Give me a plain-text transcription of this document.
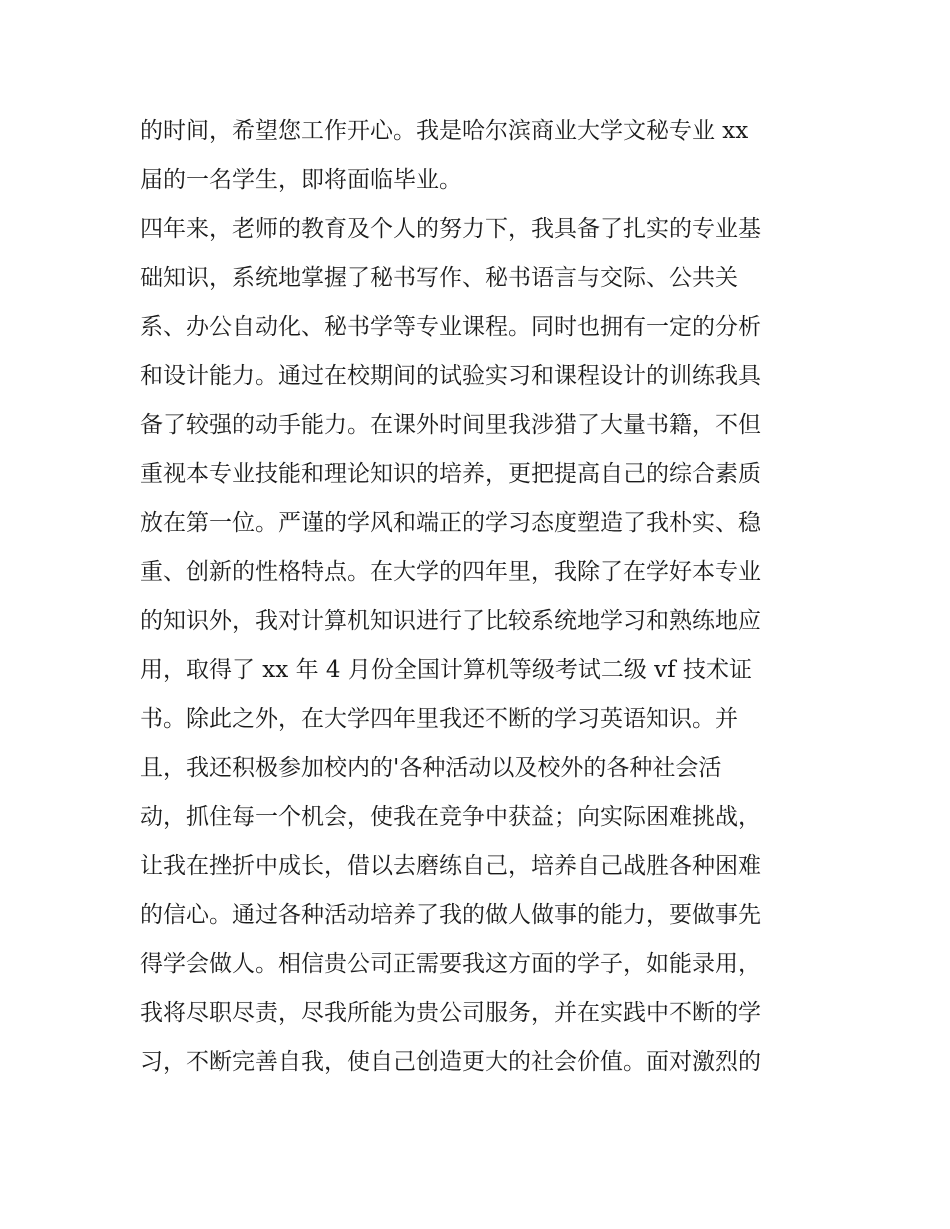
的时间，希望您工作开心。我是哈尔滨商业大学文秘专业 xx
届的一名学生，即将面临毕业。
四年来，老师的教育及个人的努力下，我具备了扎实的专业基
础知识，系统地掌握了秘书写作、秘书语言与交际、公共关
系、办公自动化、秘书学等专业课程。同时也拥有一定的分析
和设计能力。通过在校期间的试验实习和课程设计的训练我具
备了较强的动手能力。在课外时间里我涉猎了大量书籍，不但
重视本专业技能和理论知识的培养，更把提高自己的综合素质
放在第一位。严谨的学风和端正的学习态度塑造了我朴实、稳
重、创新的性格特点。在大学的四年里，我除了在学好本专业
的知识外，我对计算机知识进行了比较系统地学习和熟练地应
用，取得了 xx 年 4 月份全国计算机等级考试二级 vf 技术证
书。除此之外，在大学四年里我还不断的学习英语知识。并
且，我还积极参加校内的'各种活动以及校外的各种社会活
动，抓住每一个机会，使我在竞争中获益；向实际困难挑战，
让我在挫折中成长，借以去磨练自己，培养自己战胜各种困难
的信心。通过各种活动培养了我的做人做事的能力，要做事先
得学会做人。相信贵公司正需要我这方面的学子，如能录用，
我将尽职尽责，尽我所能为贵公司服务，并在实践中不断的学
习，不断完善自我，使自己创造更大的社会价值。面对激烈的
